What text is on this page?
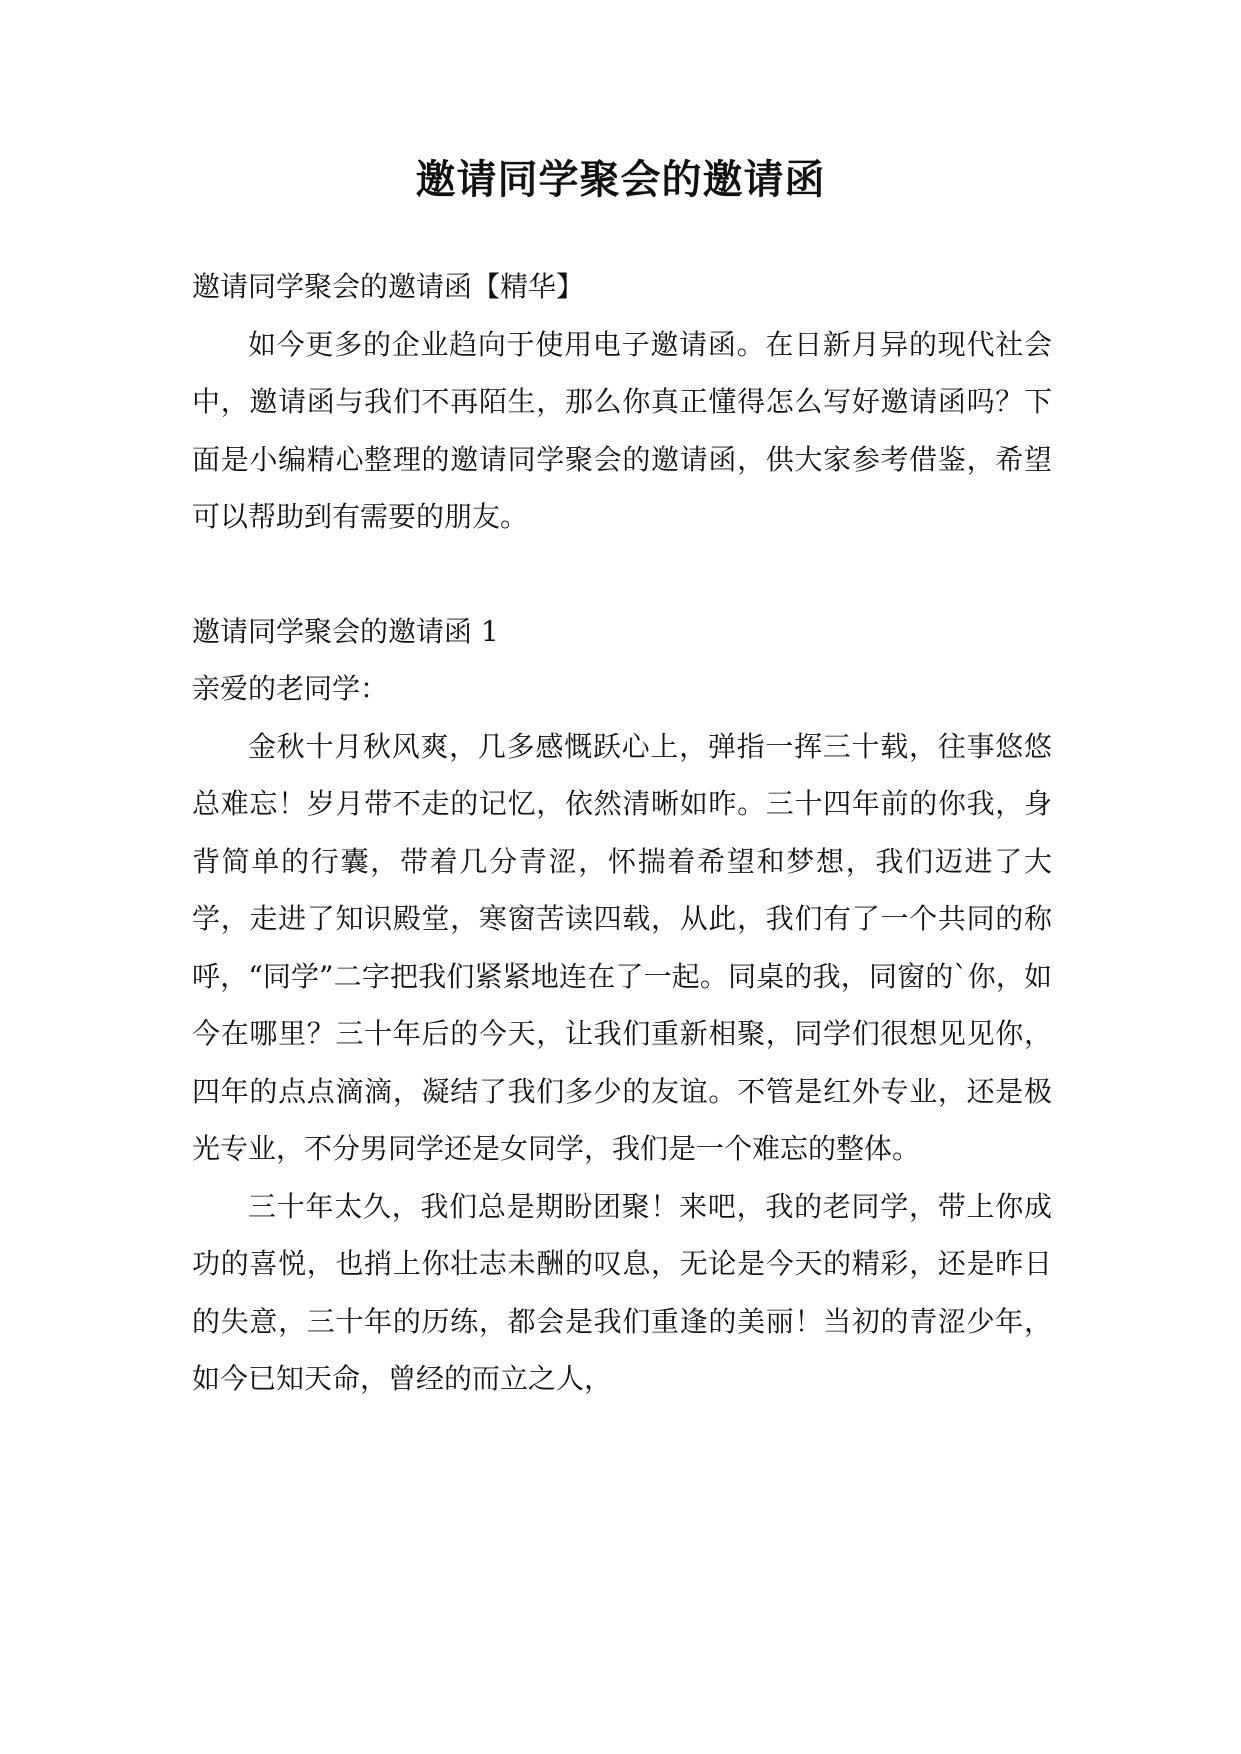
邀请同学聚会的邀请函

邀请同学聚会的邀请函【精华】

如今更多的企业趋向于使用电子邀请函。在日新月异的现代社会中，邀请函与我们不再陌生，那么你真正懂得怎么写好邀请函吗？下面是小编精心整理的邀请同学聚会的邀请函，供大家参考借鉴，希望可以帮助到有需要的朋友。

邀请同学聚会的邀请函 1

亲爱的老同学：

金秋十月秋风爽，几多感慨跃心上，弹指一挥三十载，往事悠悠总难忘！岁月带不走的记忆，依然清晰如昨。三十四年前的你我，身背简单的行囊，带着几分青涩，怀揣着希望和梦想，我们迈进了大学，走进了知识殿堂，寒窗苦读四载，从此，我们有了一个共同的称呼，“同学”二字把我们紧紧地连在了一起。同桌的我，同窗的`你，如今在哪里？三十年后的今天，让我们重新相聚，同学们很想见见你，四年的点点滴滴，凝结了我们多少的友谊。不管是红外专业，还是极光专业，不分男同学还是女同学，我们是一个难忘的整体。

三十年太久，我们总是期盼团聚！来吧，我的老同学，带上你成功的喜悦，也捎上你壮志未酬的叹息，无论是今天的精彩，还是昨日的失意，三十年的历练，都会是我们重逢的美丽！当初的青涩少年，如今已知天命，曾经的而立之人，
